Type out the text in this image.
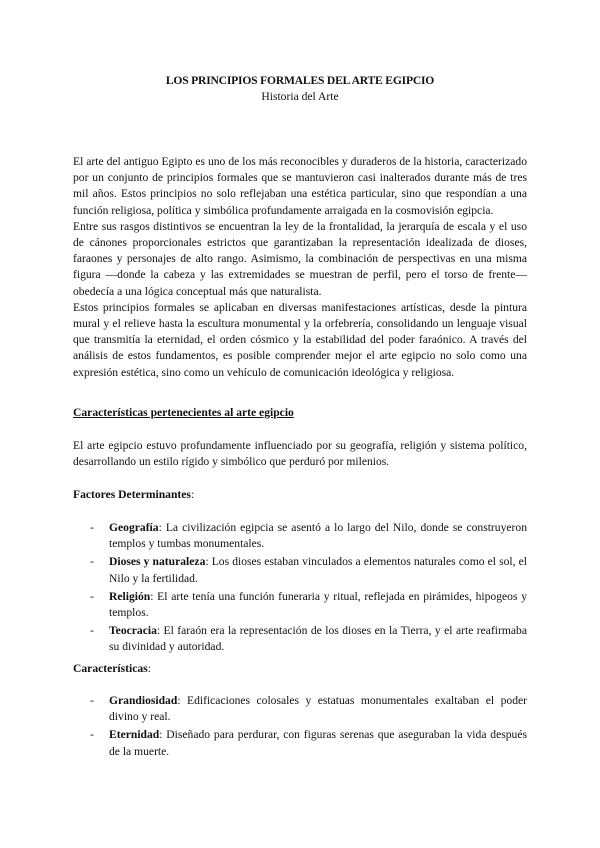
LOS PRINCIPIOS FORMALES DEL ARTE EGIPCIO
Historia del Arte

El arte del antiguo Egipto es uno de los más reconocibles y duraderos de la historia, caracterizado por un conjunto de principios formales que se mantuvieron casi inalterados durante más de tres mil años. Estos principios no solo reflejaban una estética particular, sino que respondían a una función religiosa, política y simbólica profundamente arraigada en la cosmovisión egipcia.

Entre sus rasgos distintivos se encuentran la ley de la frontalidad, la jerarquía de escala y el uso de cánones proporcionales estrictos que garantizaban la representación idealizada de dioses, faraones y personajes de alto rango. Asimismo, la combinación de perspectivas en una misma figura —donde la cabeza y las extremidades se muestran de perfil, pero el torso de frente— obedecía a una lógica conceptual más que naturalista.

Estos principios formales se aplicaban en diversas manifestaciones artísticas, desde la pintura mural y el relieve hasta la escultura monumental y la orfebrería, consolidando un lenguaje visual que transmitía la eternidad, el orden cósmico y la estabilidad del poder faraónico. A través del análisis de estos fundamentos, es posible comprender mejor el arte egipcio no solo como una expresión estética, sino como un vehículo de comunicación ideológica y religiosa.

Características pertenecientes al arte egipcio

El arte egipcio estuvo profundamente influenciado por su geografía, religión y sistema político, desarrollando un estilo rígido y simbólico que perduró por milenios.

Factores Determinantes:

- Geografía: La civilización egipcia se asentó a lo largo del Nilo, donde se construyeron templos y tumbas monumentales.
- Dioses y naturaleza: Los dioses estaban vinculados a elementos naturales como el sol, el Nilo y la fertilidad.
- Religión: El arte tenía una función funeraria y ritual, reflejada en pirámides, hipogeos y templos.
- Teocracia: El faraón era la representación de los dioses en la Tierra, y el arte reafirmaba su divinidad y autoridad.

Características:

- Grandiosidad: Edificaciones colosales y estatuas monumentales exaltaban el poder divino y real.
- Eternidad: Diseñado para perdurar, con figuras serenas que aseguraban la vida después de la muerte.
